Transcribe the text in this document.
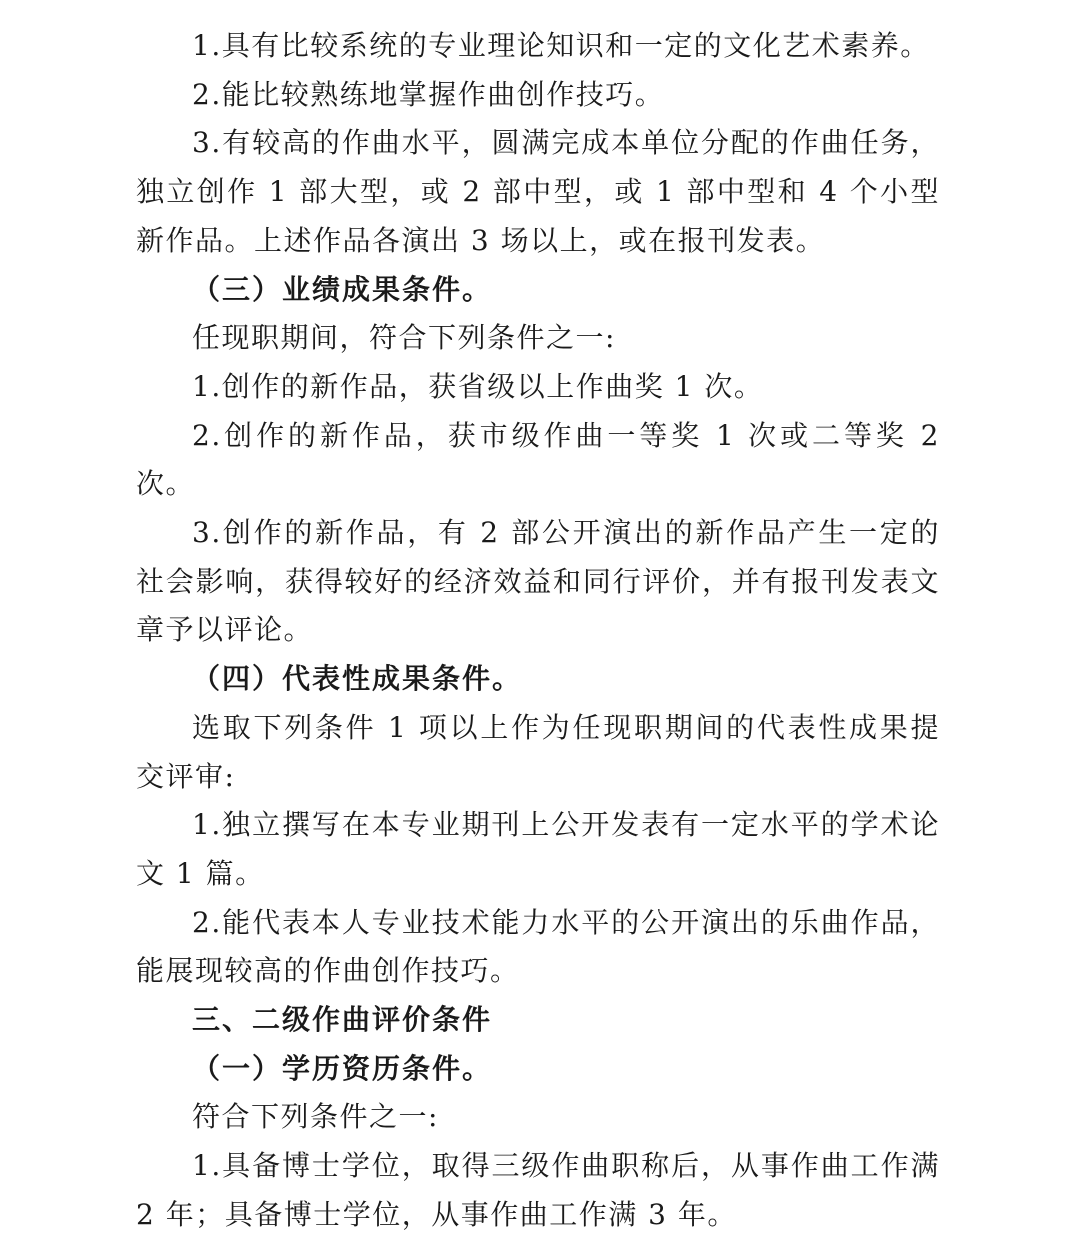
1.具有比较系统的专业理论知识和一定的文化艺术素养。

2.能比较熟练地掌握作曲创作技巧。

3.有较高的作曲水平，圆满完成本单位分配的作曲任务，独立创作 1 部大型，或 2 部中型，或 1 部中型和 4 个小型新作品。上述作品各演出 3 场以上，或在报刊发表。

（三）业绩成果条件。

任现职期间，符合下列条件之一:

1.创作的新作品，获省级以上作曲奖 1 次。

2.创作的新作品，获市级作曲一等奖 1 次或二等奖 2 次。

3.创作的新作品，有 2 部公开演出的新作品产生一定的社会影响，获得较好的经济效益和同行评价，并有报刊发表文章予以评论。

（四）代表性成果条件。

选取下列条件 1 项以上作为任现职期间的代表性成果提交评审:

1.独立撰写在本专业期刊上公开发表有一定水平的学术论文 1 篇。

2.能代表本人专业技术能力水平的公开演出的乐曲作品，能展现较高的作曲创作技巧。

三、二级作曲评价条件

（一）学历资历条件。

符合下列条件之一:

1.具备博士学位，取得三级作曲职称后，从事作曲工作满 2 年；具备博士学位，从事作曲工作满 3 年。
